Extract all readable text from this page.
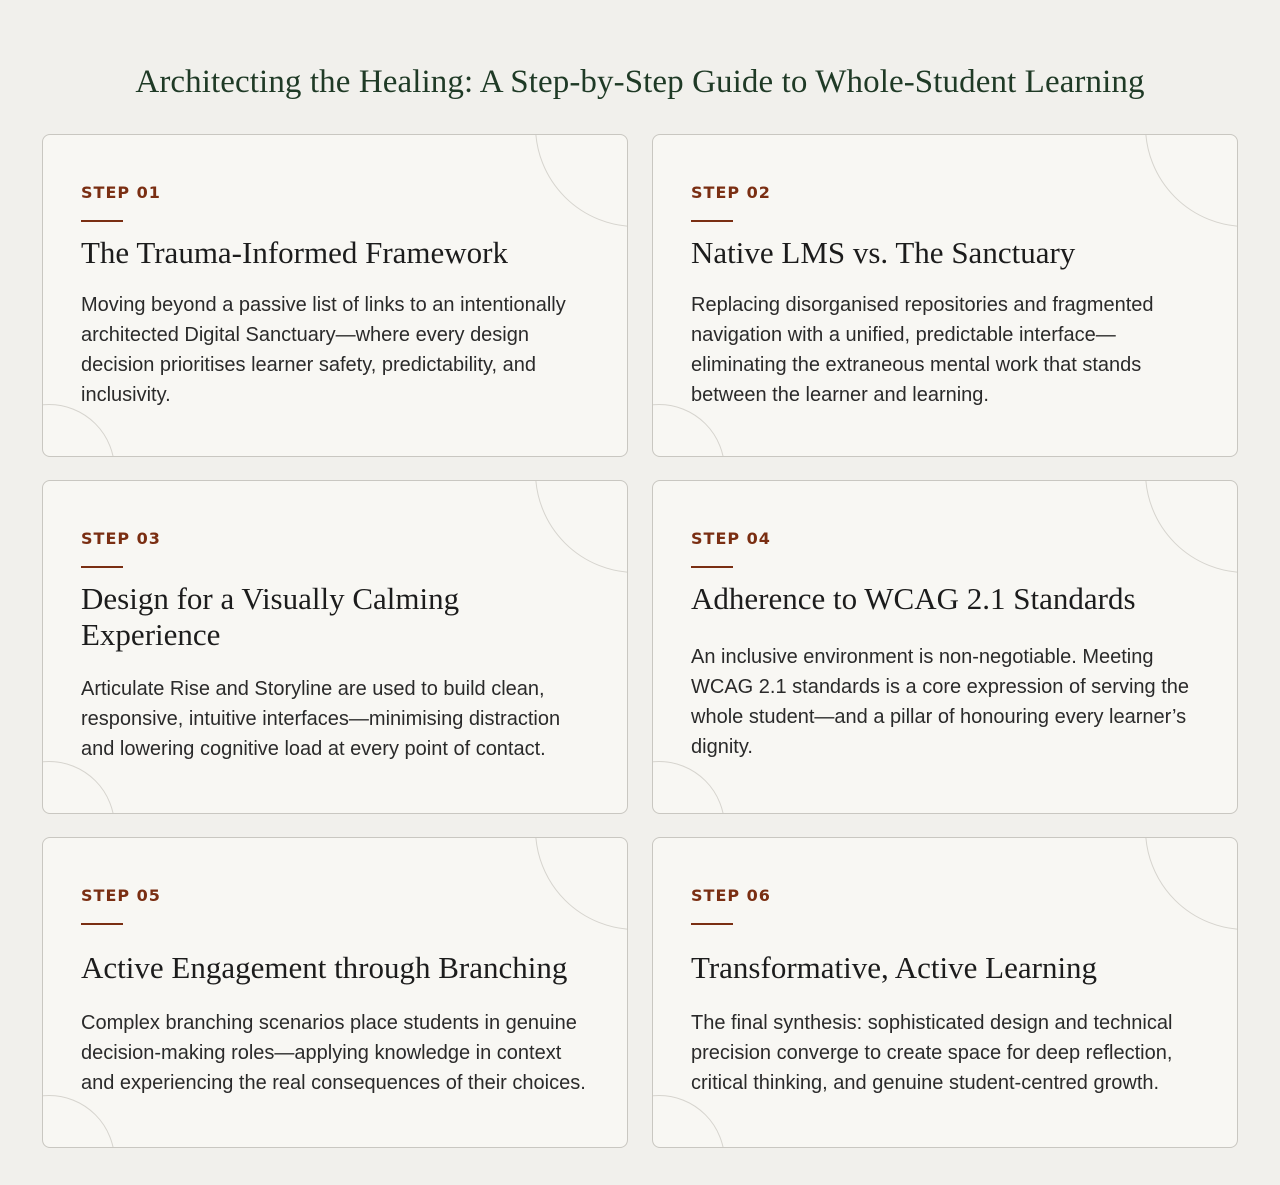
Architecting the Healing: A Step-by-Step Guide to Whole-Student Learning
STEP 01
The Trauma-Informed Framework

Moving beyond a passive list of links to an intentionally architected Digital Sanctuary—where every design decision prioritises learner safety, predictability, and inclusivity.

STEP 02
Native LMS vs. The Sanctuary

Replacing disorganised repositories and fragmented navigation with a unified, predictable interface—eliminating the extraneous mental work that stands between the learner and learning.

STEP 03
Design for a Visually Calming Experience

Articulate Rise and Storyline are used to build clean, responsive, intuitive interfaces—minimising distraction and lowering cognitive load at every point of contact.

STEP 04
Adherence to WCAG 2.1 Standards

An inclusive environment is non-negotiable. Meeting WCAG 2.1 standards is a core expression of serving the whole student—and a pillar of honouring every learner’s dignity.

STEP 05
Active Engagement through Branching

Complex branching scenarios place students in genuine decision-making roles—applying knowledge in context and experiencing the real consequences of their choices.

STEP 06
Transformative, Active Learning

The final synthesis: sophisticated design and technical precision converge to create space for deep reflection, critical thinking, and genuine student-centred growth.
